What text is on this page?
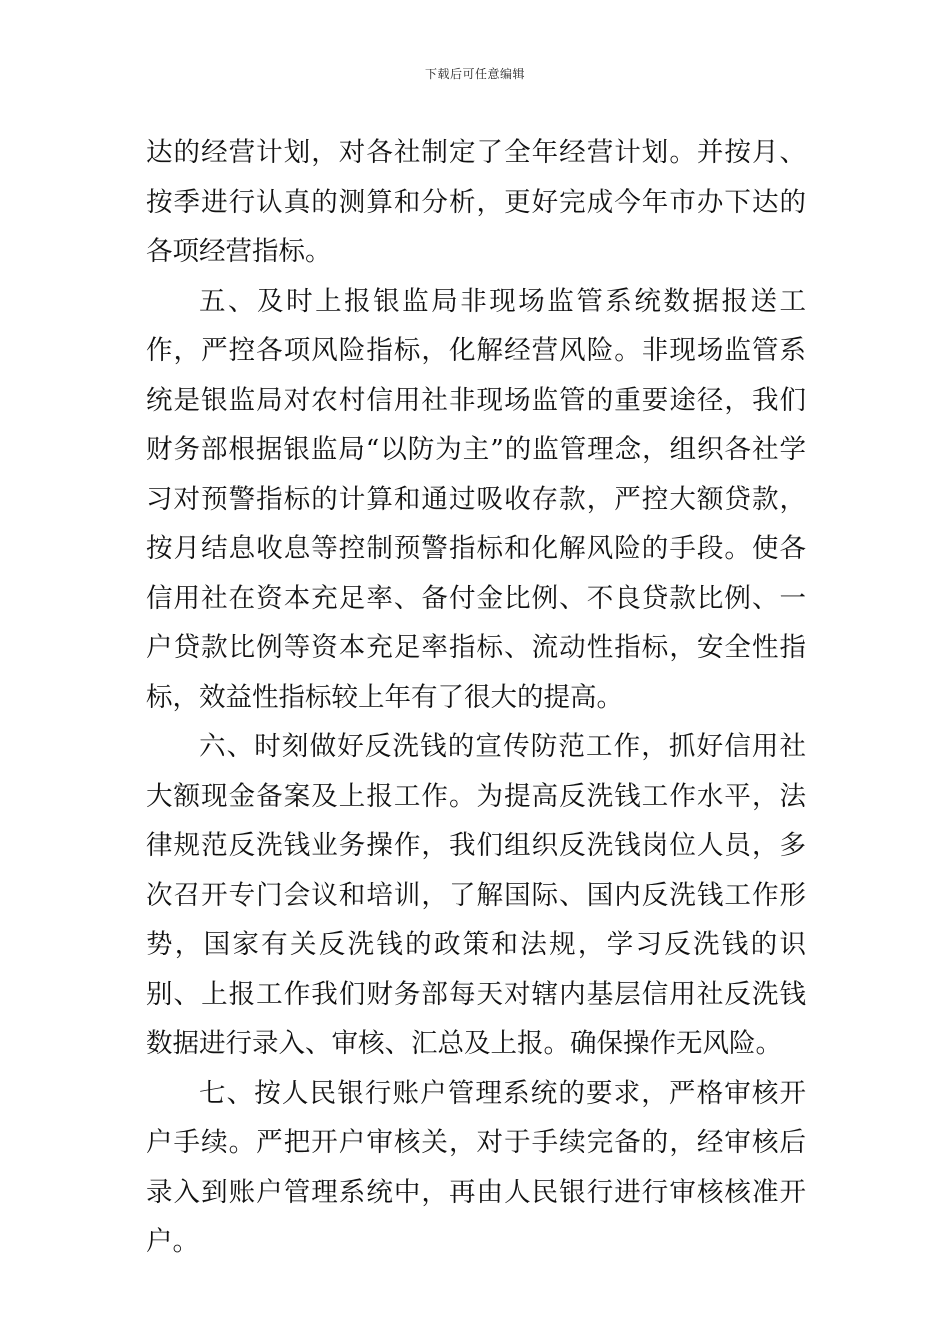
下载后可任意编辑

达的经营计划，对各社制定了全年经营计划。并按月、按季进行认真的测算和分析，更好完成今年市办下达的各项经营指标。

五、及时上报银监局非现场监管系统数据报送工作，严控各项风险指标，化解经营风险。非现场监管系统是银监局对农村信用社非现场监管的重要途径，我们财务部根据银监局“以防为主”的监管理念，组织各社学习对预警指标的计算和通过吸收存款，严控大额贷款，按月结息收息等控制预警指标和化解风险的手段。使各信用社在资本充足率、备付金比例、不良贷款比例、一户贷款比例等资本充足率指标、流动性指标，安全性指标，效益性指标较上年有了很大的提高。

六、时刻做好反洗钱的宣传防范工作，抓好信用社大额现金备案及上报工作。为提高反洗钱工作水平，法律规范反洗钱业务操作，我们组织反洗钱岗位人员，多次召开专门会议和培训，了解国际、国内反洗钱工作形势，国家有关反洗钱的政策和法规，学习反洗钱的识别、上报工作我们财务部每天对辖内基层信用社反洗钱数据进行录入、审核、汇总及上报。确保操作无风险。

七、按人民银行账户管理系统的要求，严格审核开户手续。严把开户审核关，对于手续完备的，经审核后录入到账户管理系统中，再由人民银行进行审核核准开户。
